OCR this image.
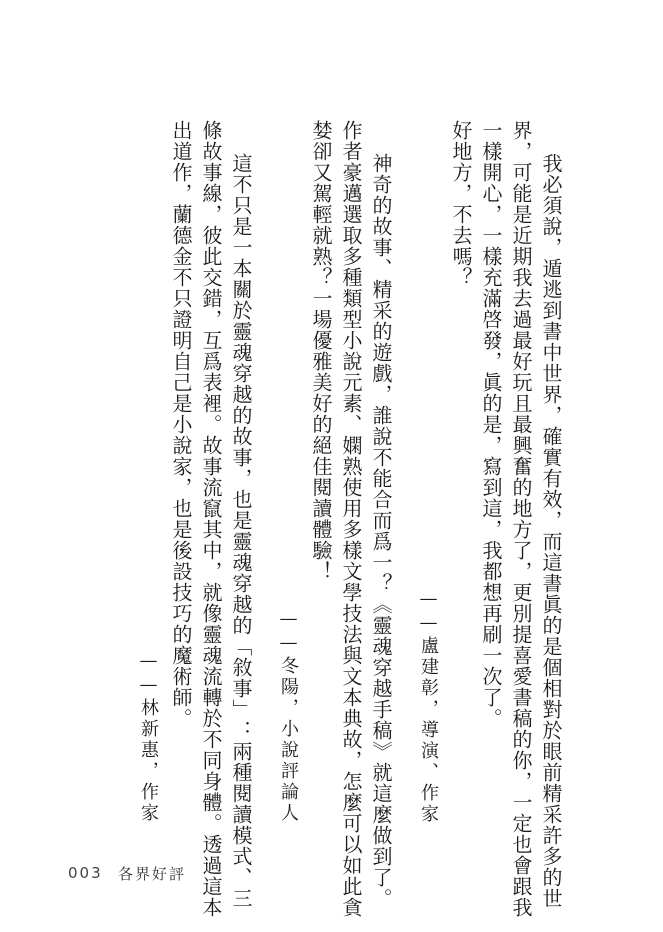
我必須說，遁逃到書中世界，確實有效，而這書眞的是個相對於眼前精采許多的世
界，可能是近期我去過最好玩且最興奮的地方了，更別提喜愛書稿的你，一定也會跟我
一樣開心，一樣充滿啓發，眞的是，寫到這，我都想再刷一次了。
好地方，不去嗎？
——盧建彰，導演、作家
神奇的故事、精采的遊戲，誰說不能合而爲一？《靈魂穿越手稿》就這麼做到了。
作者豪邁選取多種類型小說元素、嫻熟使用多樣文學技法與文本典故，怎麼可以如此貪
婪卻又駕輕就熟？一場優雅美好的絕佳閱讀體驗！
——冬陽，小說評論人
這不只是一本關於靈魂穿越的故事，也是靈魂穿越的「敘事」：兩種閱讀模式、三
條故事線，彼此交錯，互爲表裡。故事流竄其中，就像靈魂流轉於不同身體。透過這本
出道作，蘭德金不只證明自己是小說家，也是後設技巧的魔術師。
——林新惠，作家
003 各界好評
